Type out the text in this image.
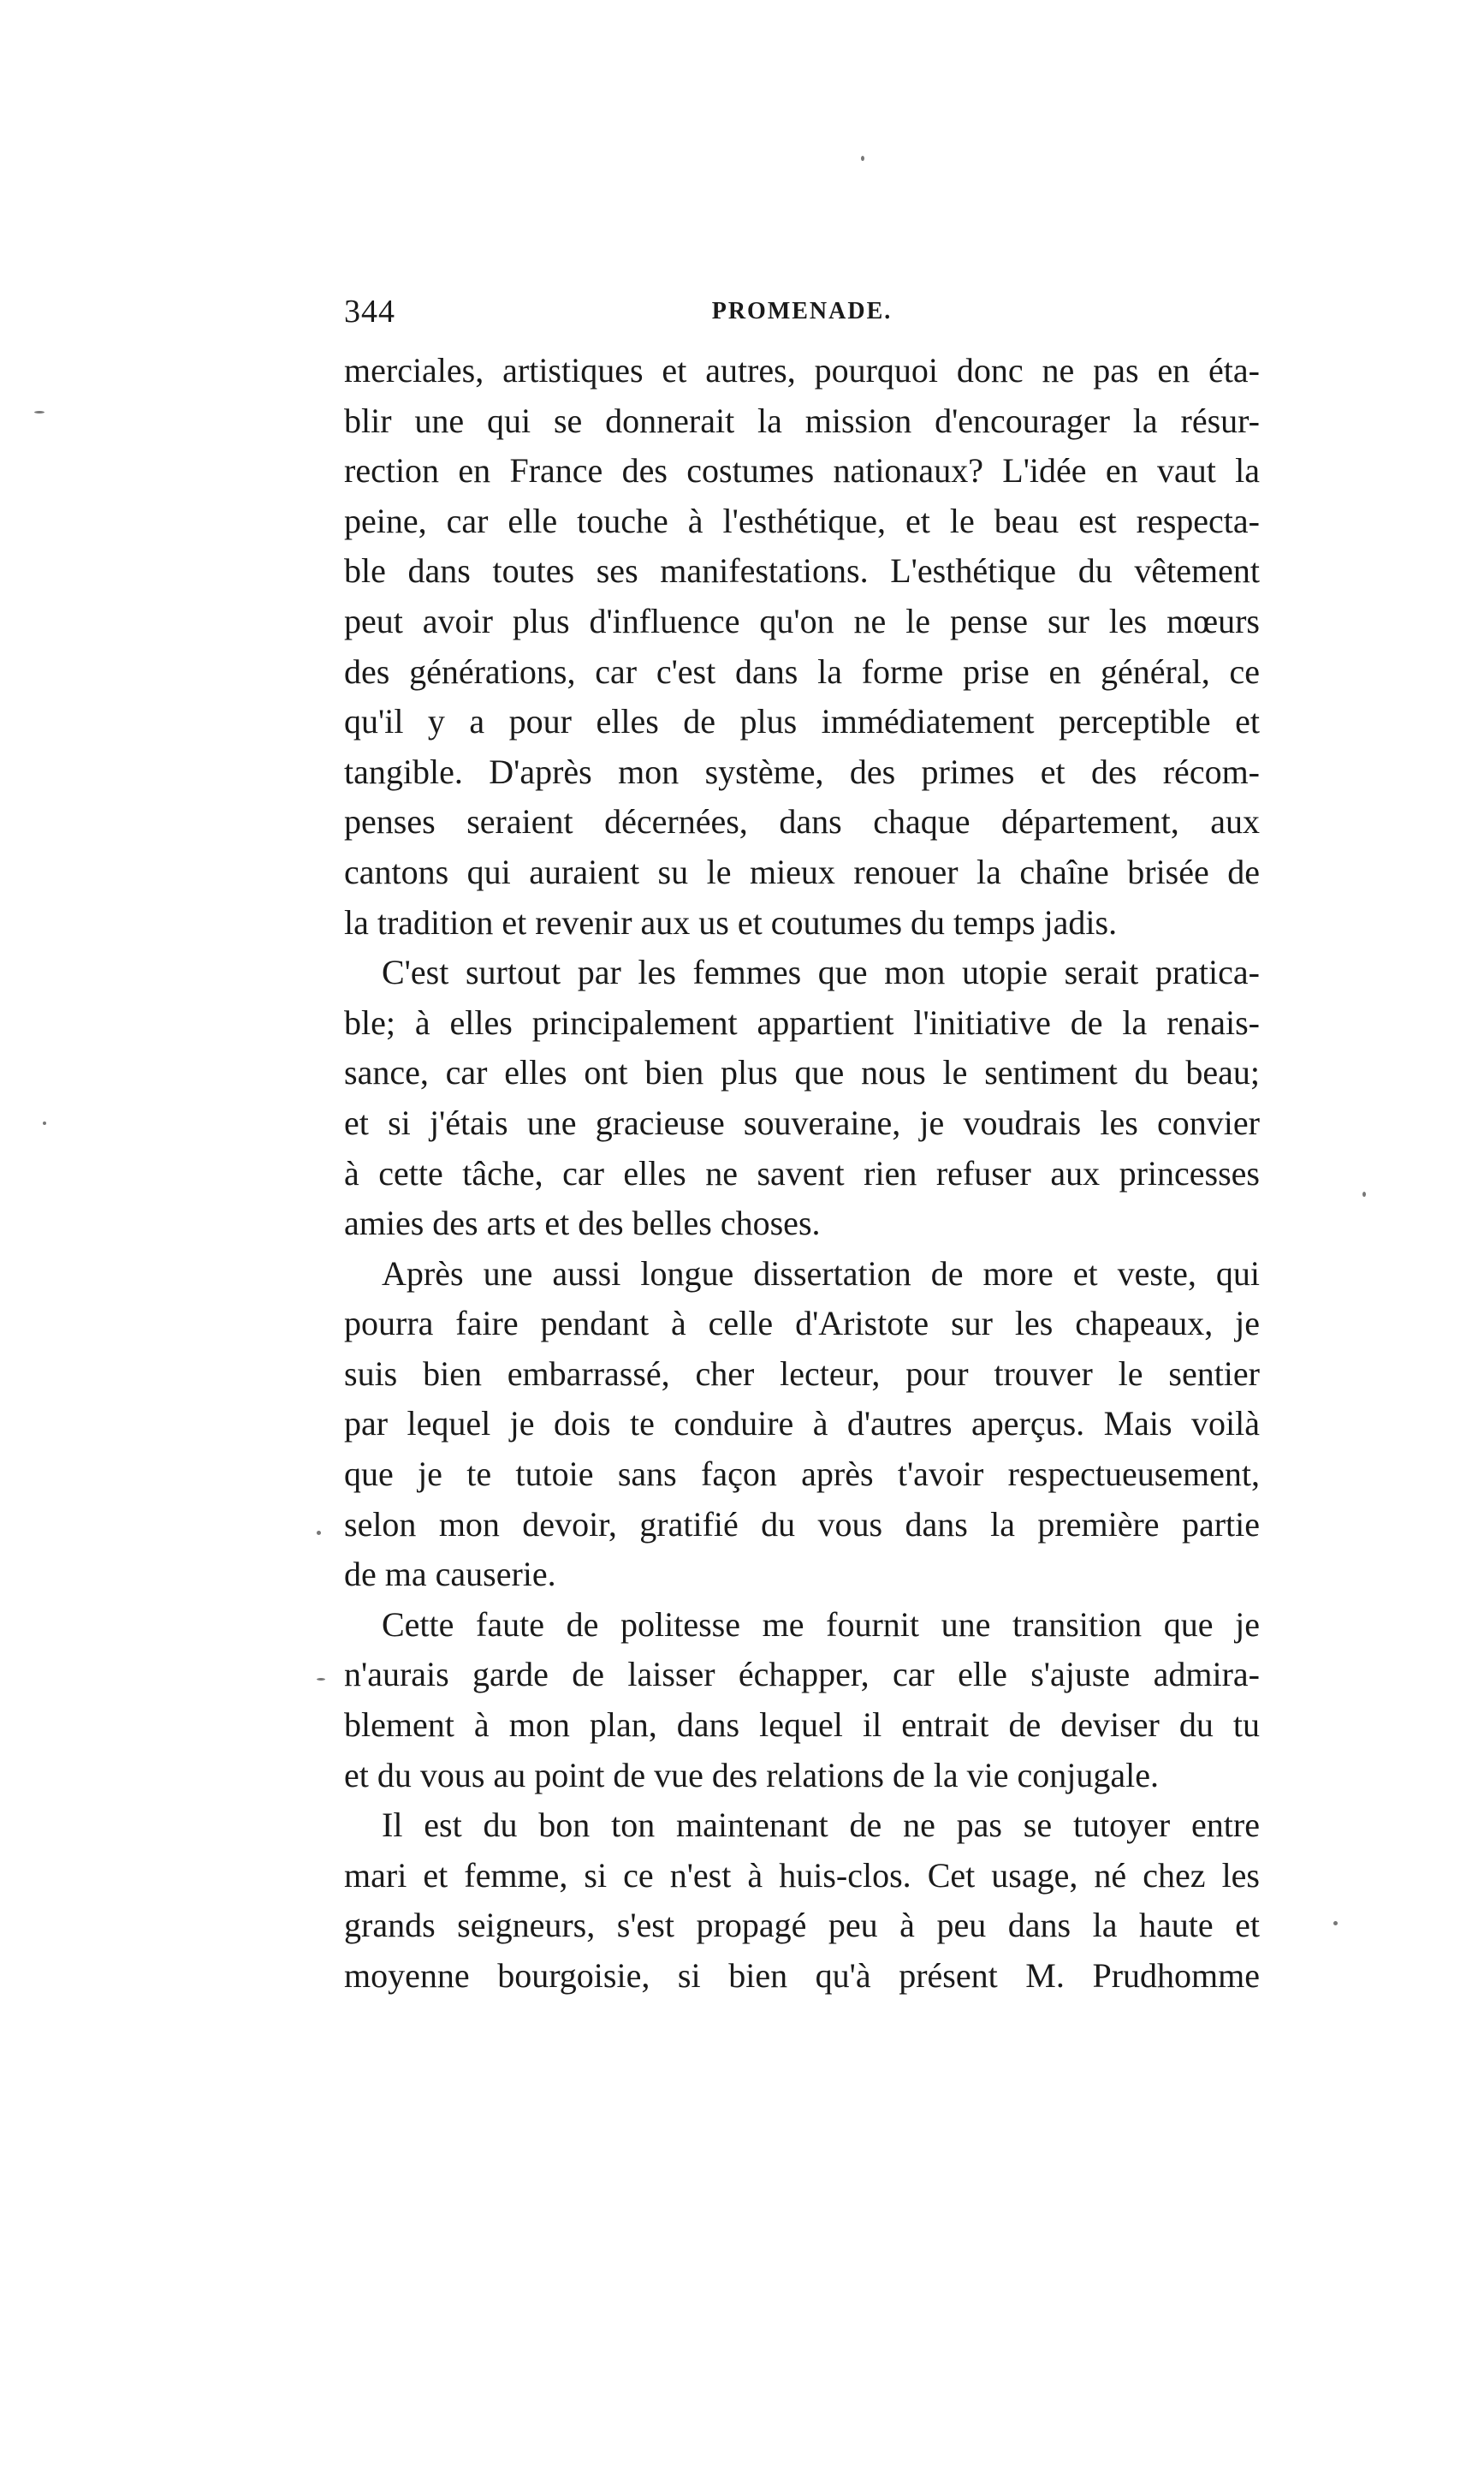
344	PROMENADE.
merciales, artistiques et autres, pourquoi donc ne pas en éta-
blir une qui se donnerait la mission d'encourager la résur-
rection en France des costumes nationaux? L'idée en vaut la
peine, car elle touche à l'esthétique, et le beau est respecta-
ble dans toutes ses manifestations. L'esthétique du vêtement
peut avoir plus d'influence qu'on ne le pense sur les mœurs
des générations, car c'est dans la forme prise en général, ce
qu'il y a pour elles de plus immédiatement perceptible et
tangible. D'après mon système, des primes et des récom-
penses seraient décernées, dans chaque département, aux
cantons qui auraient su le mieux renouer la chaîne brisée de
la tradition et revenir aux us et coutumes du temps jadis.
C'est surtout par les femmes que mon utopie serait pratica-
ble; à elles principalement appartient l'initiative de la renais-
sance, car elles ont bien plus que nous le sentiment du beau;
et si j'étais une gracieuse souveraine, je voudrais les convier
à cette tâche, car elles ne savent rien refuser aux princesses
amies des arts et des belles choses.
Après une aussi longue dissertation de more et veste, qui
pourra faire pendant à celle d'Aristote sur les chapeaux, je
suis bien embarrassé, cher lecteur, pour trouver le sentier
par lequel je dois te conduire à d'autres aperçus. Mais voilà
que je te tutoie sans façon après t'avoir respectueusement,
selon mon devoir, gratifié du vous dans la première partie
de ma causerie.
Cette faute de politesse me fournit une transition que je
n'aurais garde de laisser échapper, car elle s'ajuste admira-
blement à mon plan, dans lequel il entrait de deviser du tu
et du vous au point de vue des relations de la vie conjugale.
Il est du bon ton maintenant de ne pas se tutoyer entre
mari et femme, si ce n'est à huis-clos. Cet usage, né chez les
grands seigneurs, s'est propagé peu à peu dans la haute et
moyenne bourgoisie, si bien qu'à présent M. Prudhomme
